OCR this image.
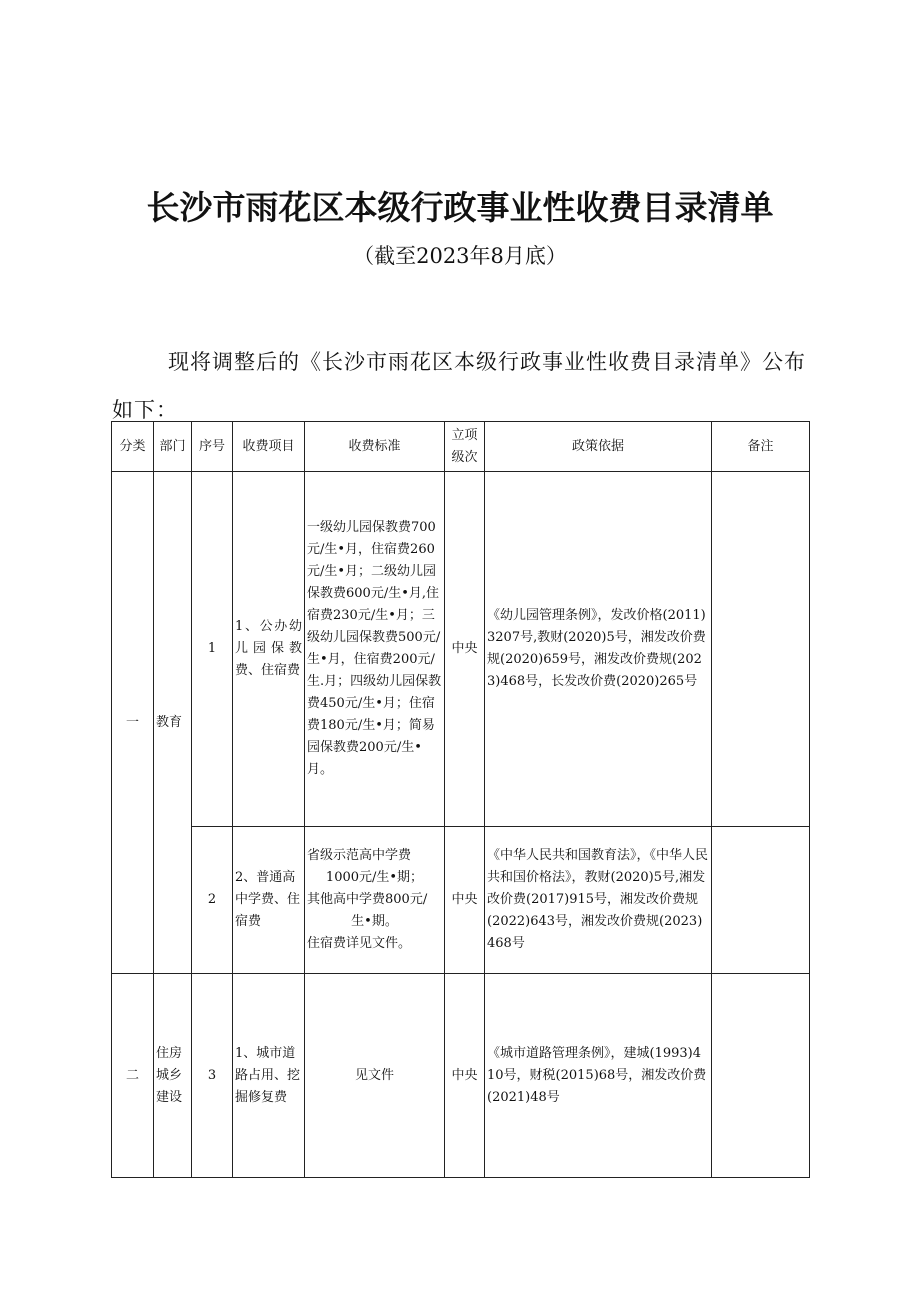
长沙市雨花区本级行政事业性收费目录清单
（截至2023年8月底）

现将调整后的《长沙市雨花区本级行政事业性收费目录清单》公布如下：

分类	部门	序号	收费项目	收费标准	立项级次	政策依据	备注
一	教育	1	1、公办幼儿园保教费、住宿费	一级幼儿园保教费700元/生•月，住宿费260元/生•月；二级幼儿园保教费600元/生•月,住宿费230元/生•月；三级幼儿园保教费500元/生•月，住宿费200元/生.月；四级幼儿园保教费450元/生•月；住宿费180元/生•月；简易园保教费200元/生•月。	中央	《幼儿园管理条例》，发改价格(2011)3207号,教财(2020)5号，湘发改价费规(2020)659号，湘发改价费规(2023)468号，长发改价费(2020)265号	
		2	2、普通高中学费、住宿费	省级示范高中学费
1000元/生•期；
其他高中学费800元/
生•期。
住宿费详见文件。	中央	《中华人民共和国教育法》，《中华人民共和国价格法》，教财(2020)5号,湘发改价费(2017)915号，湘发改价费规(2022)643号，湘发改价费规(2023)468号	
二	住房城乡建设	3	1、城市道路占用、挖掘修复费	见文件	中央	《城市道路管理条例》，建城(1993)410号，财税(2015)68号，湘发改价费(2021)48号	
